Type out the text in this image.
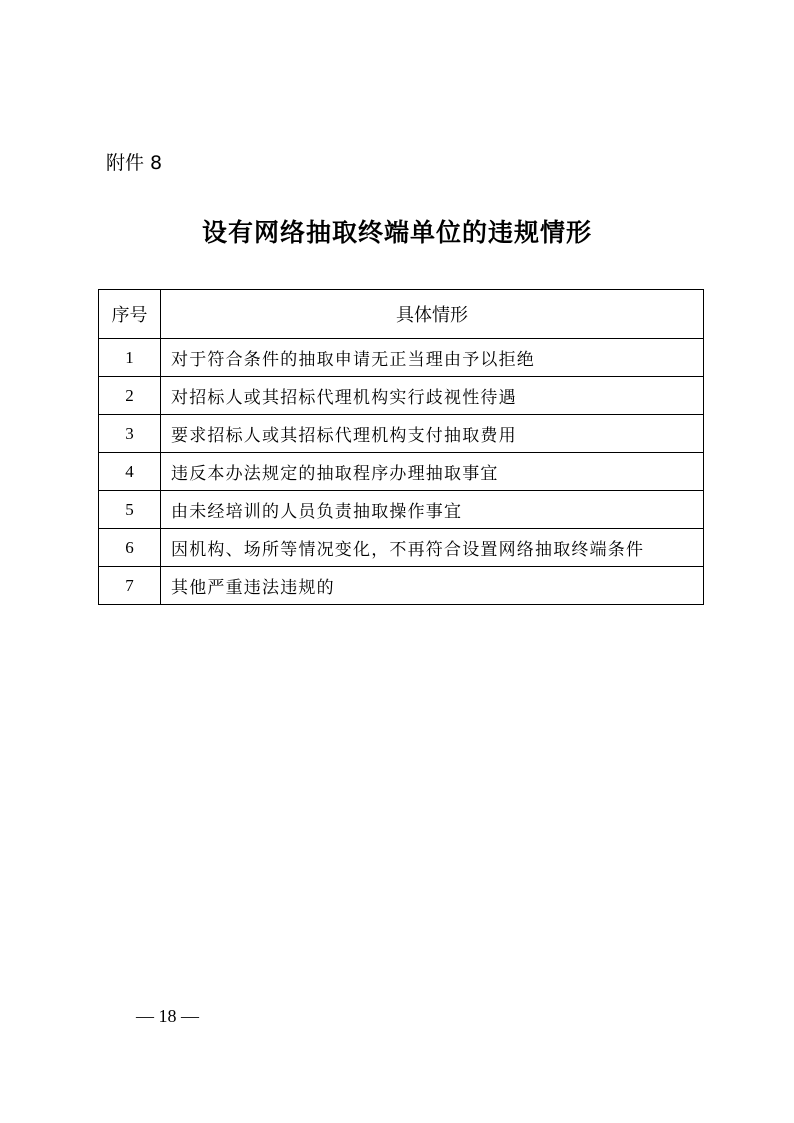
附件 8
设有网络抽取终端单位的违规情形
序号	具体情形
1	对于符合条件的抽取申请无正当理由予以拒绝
2	对招标人或其招标代理机构实行歧视性待遇
3	要求招标人或其招标代理机构支付抽取费用
4	违反本办法规定的抽取程序办理抽取事宜
5	由未经培训的人员负责抽取操作事宜
6	因机构、场所等情况变化，不再符合设置网络抽取终端条件
7	其他严重违法违规的
— 18 —
